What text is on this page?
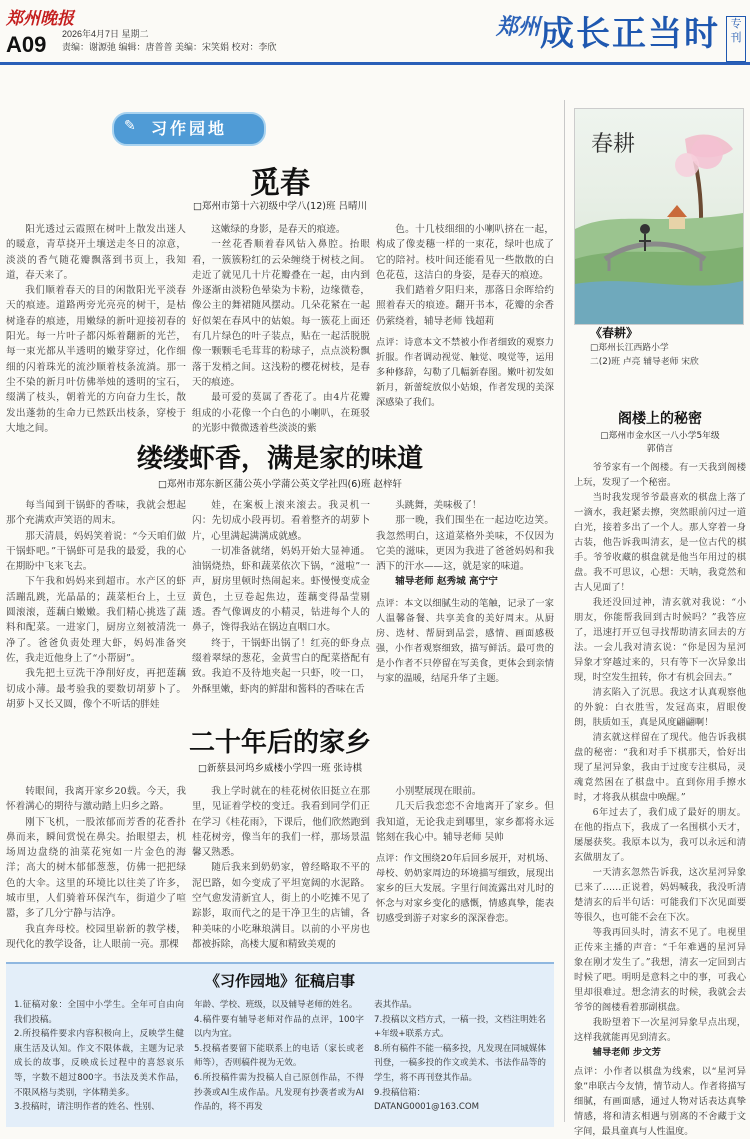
郑州晚报
A09 2026年4月7日 星期二
责编：谢源弛 编辑：唐普普 美编：宋笑娟 校对：李欣
郑州 成长正当时 专刊
习作园地
✎
觅春
□郑州市第十六初级中学八(12)班 吕晴川

阳光透过云霞照在树叶上散发出迷人的暖意，青草挠开土壤送走冬日的凉意，淡淡的香气随花瓣飘落到书页上，我知道，春天来了。

我们顺着春天的目的闲散阳光平淡春天的痕迹。道路两旁光亮亮的树干，是枯树逢春的痕迹，用嫩绿的新叶迎接初春的阳光。每一片叶子都闪烁着翻新的光芒，每一束光都从半透明的嫩芽穿过，化作细细的闪着珠光的流沙顺着枝条流淌。那一尘不染的新月叶仿佛举烛的透明的宝石，缀满了枝头，朝着光的方向奋力生长，散发出蓬勃的生命力已然跃出枝条，穿梭于大地之间。

这嫩绿的身影，是春天的痕迹。

一丝花香顺着春风钻入鼻腔。抬眼看，一簇簇粉红的云朵缠绕于树枝之间。走近了就见几十片花瓣叠在一起，由内到外逐渐由淡粉色晕染为卡粉，边缘微卷，像公主的舞裙随风摆动。几朵花紧在一起好似架在春风中的姑娘。每一簇花上面还有几片绿色的叶子装点，贴在一起活脱脱像一颗颗毛毛茸茸的粉球子，点点淡粉飘落于发梢之间。这浅粉的樱花树枝，是春天的痕迹。

最可爱的莫属了香花了。由4片花瓣组成的小花像一个白色的小喇叭，在斑驳的光影中微微透着些淡淡的紫

色。十几枝细细的小喇叭挤在一起，构成了像麦穗一样的一束花，绿叶也成了它的陪衬。枝叶间还能看见一些散散的白色花苞，这洁白的身姿，是春天的痕迹。

我们踏着夕阳归来，那落日余晖给约照着春天的痕迹。翻开书本，花瓣的余香仍萦绕着，辅导老师 钱超莉

点评：诗意本文不禁被小作者细致的观察力折服。作者调动视觉、触觉、嗅觉等，运用多种修辞，勾勒了几幅新春图。嫩叶初发如新月，新蕾绽放似小姑娘，作者发现的美深深感染了我们。
缕缕虾香，满是家的味道
□郑州市郑东新区蒲公英小学蒲公英文学社四(6)班 赵梓轩

每当闻到干锅虾的香味，我就会想起那个充满欢声笑语的周末。

那天清晨，妈妈笑着说：“今天咱们做干锅虾吧。”干锅虾可是我的最爱，我的心在期盼中飞来飞去。

下午我和妈妈来到超市。水产区的虾活蹦乱跳，光晶晶的；蔬菜柜台上，土豆圆滚滚，莲藕白嫩嫩。我们精心挑选了蔬料和配菜。一进家门，厨房立刻被清洗一净了。爸爸负责处理大虾，妈妈准备突佐，我走近他身上了“小帮厨”。

我先把土豆洗干净削好皮，再把莲藕切成小薄。最考验我的要数切胡萝卜了。胡萝卜又长又圆，像个不听话的胖娃

娃，在案板上滚来滚去。我灵机一闪：先切成小段再切。看着整齐的胡萝卜片，心里满起满满成就感。

一切准备就绪，妈妈开始大显神通。油锅烧热，虾和蔬菜依次下锅，“滋啦”一声，厨房里顿时热闹起来。虾慢慢变成金黄色，土豆卷起焦边，莲藕变得晶莹剔透。香气像调皮的小精灵，钻进每个人的鼻子，馋得我站在锅边直咽口水。

终于，干锅虾出锅了！红亮的虾身点缀着翠绿的葱花，金黄雪白的配菜搭配有致。我迫不及待地夹起一只虾，咬一口，外酥里嫩，虾肉的鲜甜和酱料的香味在舌

头跳舞，美味极了！

那一晚，我们围坐在一起边吃边笑。我忽然明白，这道菜格外美味，不仅因为它美的滋味，更因为我进了爸爸妈妈和我洒下的汗水——这，就是家的味道。

辅导老师 赵秀城 高宁宁

点评：本文以细腻生动的笔触，记录了一家人温馨备餐、共享美食的美好周末。从厨房、选材、帮厨到品尝，感情、画面感极强，小作者观察细致，描写鲜活。最可贵的是小作者不只停留在写美食，更体会到亲情与家的温暖，结尾升华了主题。
二十年后的家乡
□新蔡县河坞乡威楼小学四一班 张诗棋

转眼间，我离开家乡20载。今天，我怀着满心的期待与激动踏上归乡之路。

刚下飞机，一股浓郁而芳香的花香扑鼻而来，瞬间赏悦在鼻尖。抬眼望去，机场周边盘绕的油菜花宛如一片金色的海洋；高大的树木郁郁葱葱，仿佛一把把绿色的大伞。这里的环境比以往美了许多，城市里，人们骑着环保汽车，街道少了喧嚣，多了几分宁静与洁净。

我直奔母校。校园里崭新的教学楼，现代化的教学设备，让人眼前一亮。那棵

我上学时就在的桂花树依旧挺立在那里，见证着学校的变迁。我看到同学们正在学习《桂花雨》，下课后，他们欣然跑到桂花树旁，像当年的我们一样，那场景温馨又熟悉。

随后我来到奶奶家，曾经略取不平的泥巴路，如今变成了平坦宽阔的水泥路。空气愈发清新宜人，街上的小吃摊不见了踪影，取而代之的是干净卫生的店铺，各种美味的小吃琳琅满目。以前的小平房也都被拆除，高楼大厦和精致美观的

小别墅展现在眼前。

几天后我恋恋不舍地离开了家乡。但我知道，无论我走到哪里，家乡都将永远铭刻在我心中。辅导老师 吴帅

点评：作文围绕20年后回乡展开，对机场、母校、奶奶家周边的环境描写细致，展现出家乡的巨大发展。字里行间流露出对儿时的怀念与对家乡变化的感慨，情感真挚，能表切感受到游子对家乡的深深眷恋。
《习作园地》征稿启事
1.征稿对象：全国中小学生。全年可自由向我们投稿。
2.所投稿件要求内容积极向上，反映学生健康生活及认知。作文不限体裁，主题为记录成长的故事，反映成长过程中的喜怒哀乐等，字数不超过800字。书法及美术作品，不限风格与类别，字体精美多。
3.投稿时，请注明作者的姓名、性别、
年龄、学校、班级，以及辅导老师的姓名。
4.稿件要有辅导老师对作品的点评，100字以内为宜。
5.投稿者要留下能联系上的电话（家长或老师等），否则稿件视为无效。
6.所投稿件需为投稿人自己原创作品，不得抄袭或AI生成作品。凡发现有抄袭者或为AI作品的，将不再发
表其作品。
7.投稿以文档方式，一稿一投，文档注明姓名+年级+联系方式。
8.所有稿件不能一稿多投，凡发现在同城媒体刊登，一稿多投的作文或美术、书法作品等的学生，将不再刊登其作品。
9.投稿信箱：
DATANG0001@163.COM
春耕
《春耕》
□郑州长江西路小学
二(2)班 卢亮 辅导老师 宋欣
阁楼上的秘密
□郑州市金水区一八小学5年级
郭俏言

爷爷家有一个阁楼。有一天我到阁楼上玩，发现了一个秘密。

当时我发现爷爷最喜欢的棋盘上落了一滴水，我赶紧去擦，突然眼前闪过一道白光，接着多出了一个人。那人穿着一身古装，他告诉我叫清玄，是一位古代的棋手。爷爷收藏的棋盘就是他当年用过的棋盘。我不可思议，心想：天呐，我竟然和古人见面了！

我还没回过神，清玄就对我说：“小朋友，你能帮我回到古时候吗？”我答应了，迅速打开豆包寻找帮助清玄回去的方法。一会儿我对清玄说：“你是因为星河异象才穿越过来的，只有等下一次异象出现，时空发生扭转，你才有机会回去。”

清玄陷入了沉思。我这才认真观察他的外貌：白衣胜雪，发冠高束，眉眼俊朗，肤质如玉，真是风度翩翩啊！

清玄就这样留在了现代。他告诉我棋盘的秘密：“我和对手下棋那天，恰好出现了星河异象，我由于过度专注棋局，灵魂竟然困在了棋盘中。直到你用手擦水时，才将我从棋盘中唤醒。”

6年过去了，我们成了最好的朋友。在他的指点下，我成了一名围棋小天才，屡屡获奖。我原本以为，我可以永远和清玄做朋友了。

一天清玄忽然告诉我，这次星河异象已来了……正说着，妈妈喊我，我没听清楚清玄的后半句话：可能我们下次见面要等很久，也可能不会在下次。

等我再回头时，清玄不见了。电视里正传来主播的声音：“千年难遇的星河异象在刚才发生了。”我想，清玄一定回到古时候了吧。明明是意料之中的事，可我心里却很难过。想念清玄的时候，我就会去爷爷的阁楼看着那副棋盘。

我盼望着下一次星河异象早点出现，这样我就能再见到清玄。

辅导老师 步文芳

点评：小作者以棋盘为线索，以“星河异象”串联古今友情，情节动人。作者将描写细腻，有画面感，通过人物对话表达真挚情感，将和清玄相遇与别离的不舍藏于文字间，最具童真与人性温度。
